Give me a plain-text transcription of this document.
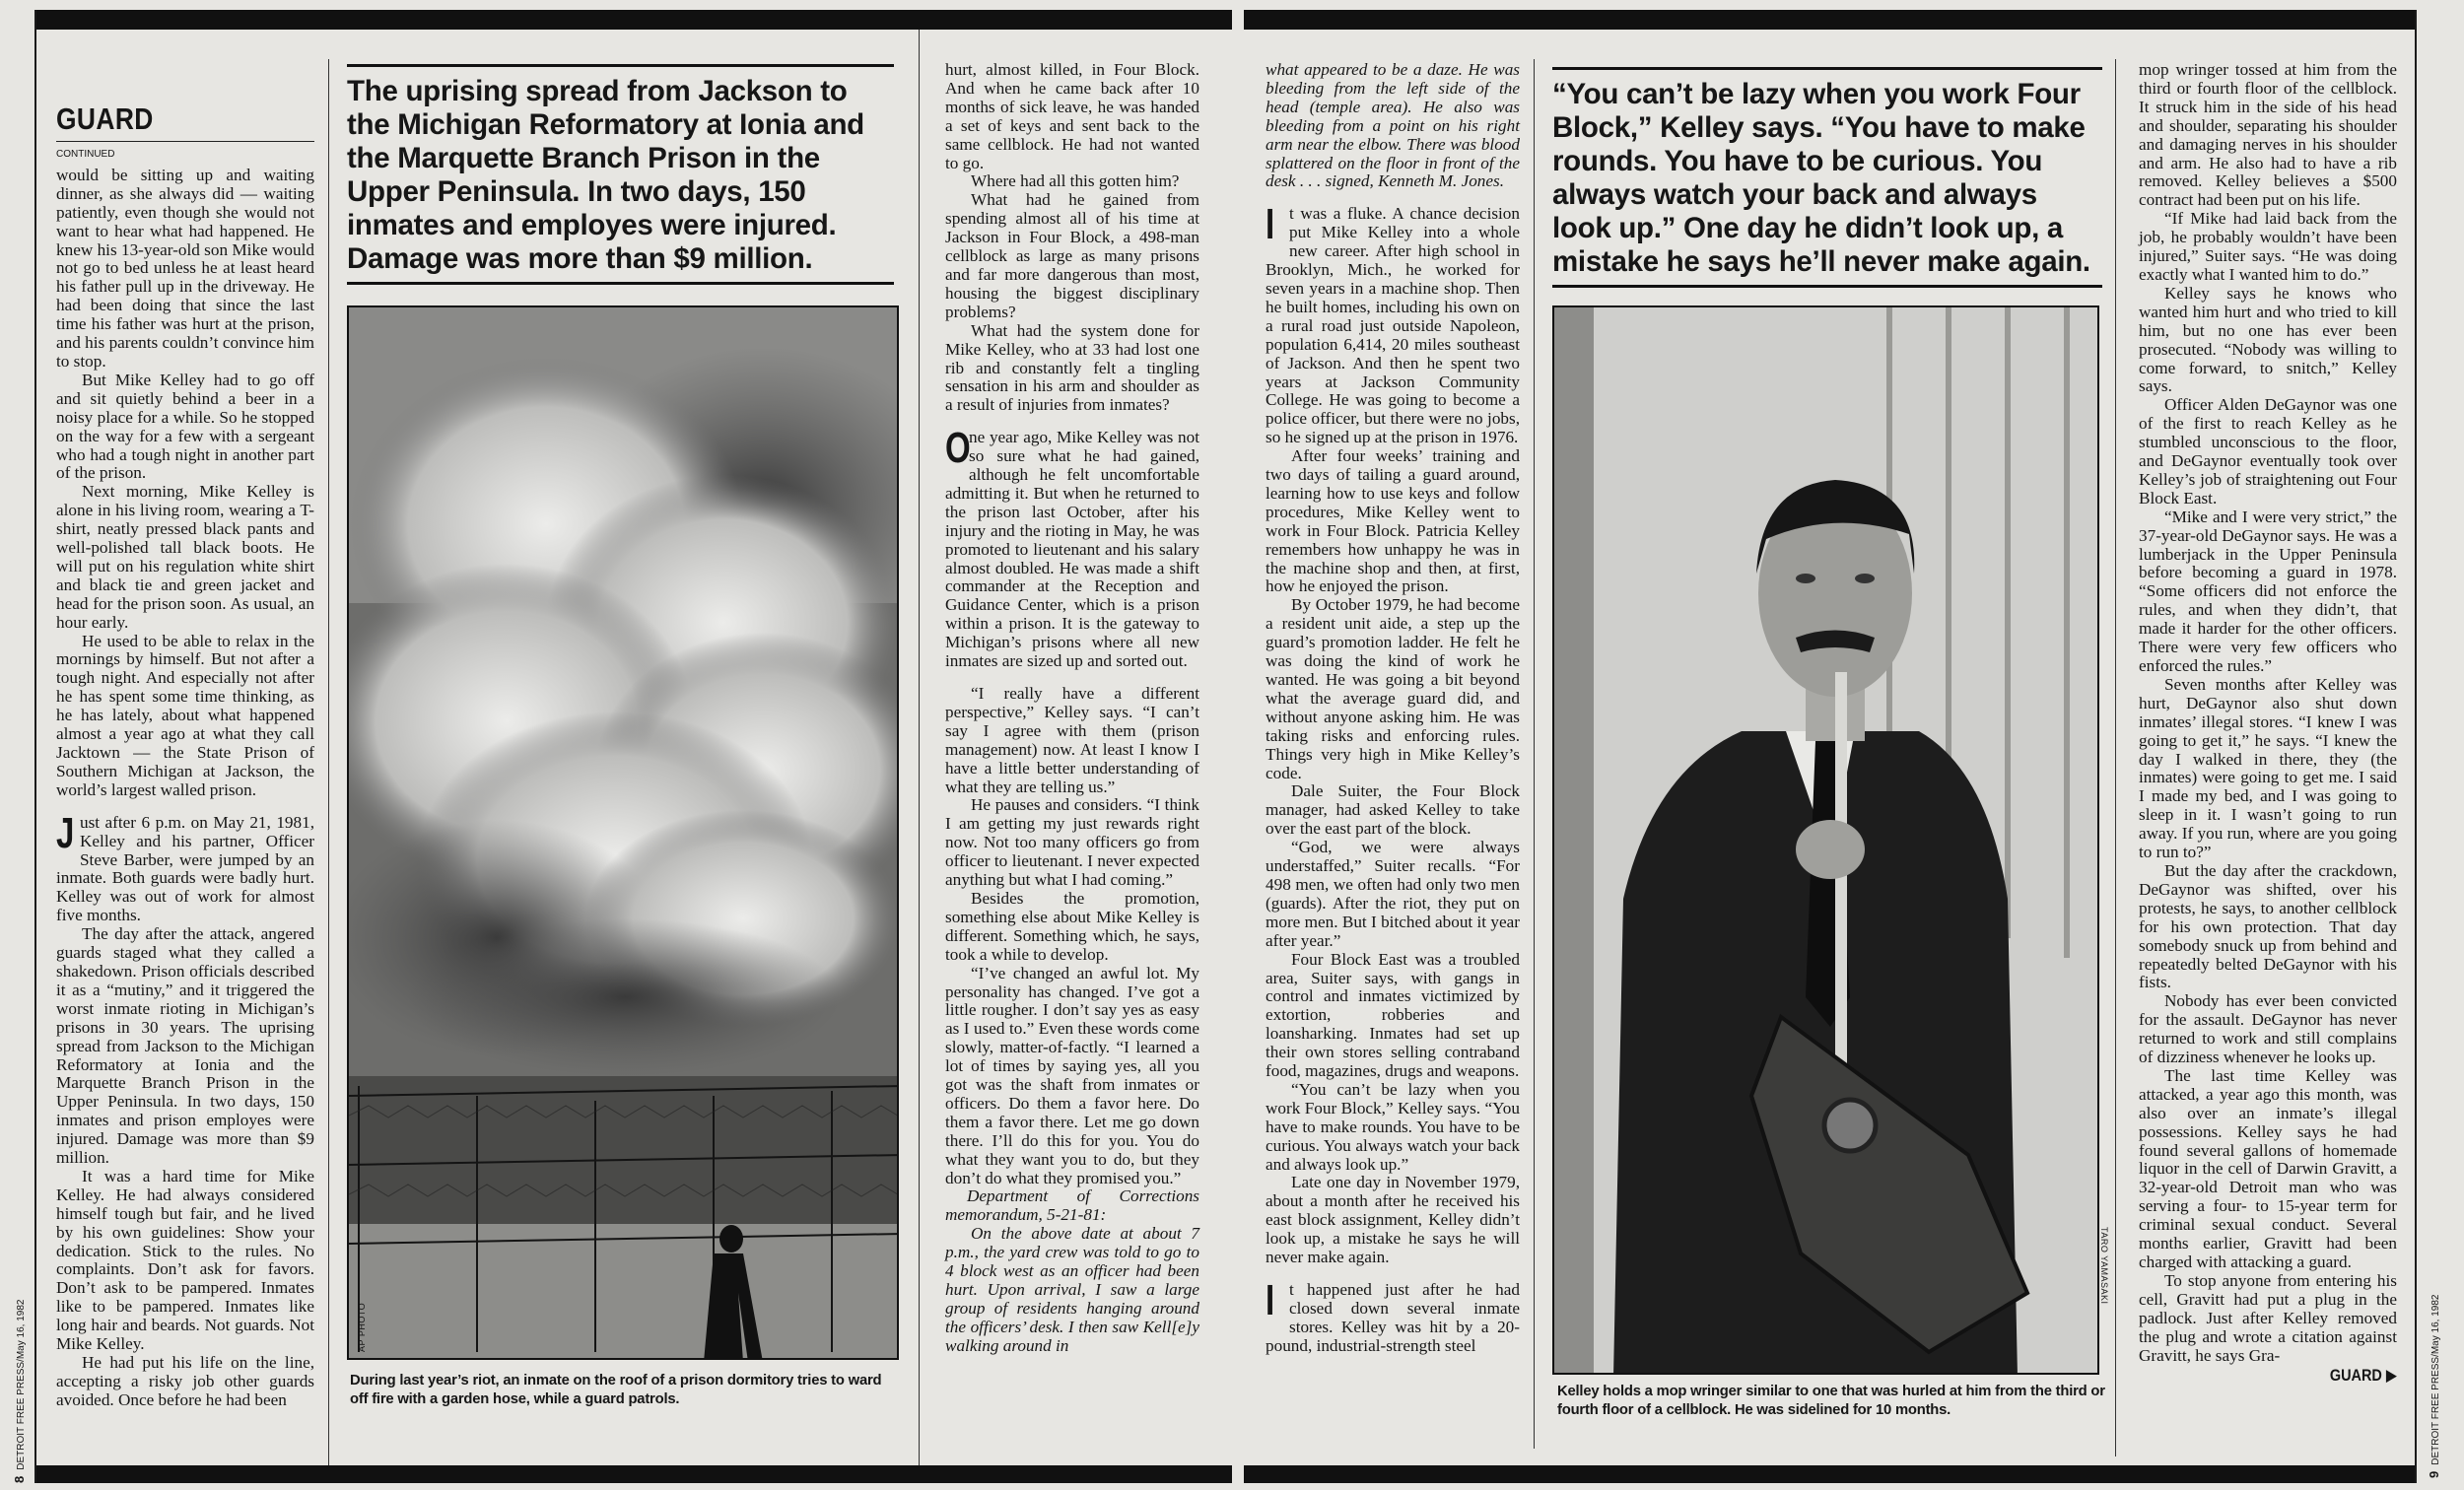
GUARD
CONTINUED

would be sitting up and waiting dinner, as she always did — waiting patiently, even though she would not want to hear what had happened. He knew his 13-year-old son Mike would not go to bed unless he at least heard his father pull up in the driveway. He had been doing that since the last time his father was hurt at the prison, and his parents couldn’t convince him to stop.

But Mike Kelley had to go off and sit quietly behind a beer in a noisy place for a while. So he stopped on the way for a few with a sergeant who had a tough night in another part of the prison.

Next morning, Mike Kelley is alone in his living room, wearing a T-shirt, neatly pressed black pants and well-polished tall black boots. He will put on his regulation white shirt and black tie and green jacket and head for the prison soon. As usual, an hour early.

He used to be able to relax in the mornings by himself. But not after a tough night. And especially not after he has spent some time thinking, as he has lately, about what happened almost a year ago at what they call Jacktown — the State Prison of Southern Michigan at Jackson, the world’s largest walled prison.

Just after 6 p.m. on May 21, 1981, Kelley and his partner, Officer Steve Barber, were jumped by an inmate. Both guards were badly hurt. Kelley was out of work for almost five months.

The day after the attack, angered guards staged what they called a shakedown. Prison officials described it as a “mutiny,” and it triggered the worst inmate rioting in Michigan’s prisons in 30 years. The uprising spread from Jackson to the Michigan Reformatory at Ionia and the Marquette Branch Prison in the Upper Peninsula. In two days, 150 inmates and prison employes were injured. Damage was more than $9 million.

It was a hard time for Mike Kelley. He had always considered himself tough but fair, and he lived by his own guidelines: Show your dedication. Stick to the rules. No complaints. Don’t ask for favors. Don’t ask to be pampered. Inmates like to be pampered. Inmates like long hair and beards. Not guards. Not Mike Kelley.

He had put his life on the line, accepting a risky job other guards avoided. Once before he had been

The uprising spread from Jackson to the Michigan Reformatory at Ionia and the Marquette Branch Prison in the Upper Peninsula. In two days, 150 inmates and employes were injured. Damage was more than $9 million.
AP PHOTO
During last year’s riot, an inmate on the roof of a prison dormitory tries to ward off fire with a garden hose, while a guard patrols.

hurt, almost killed, in Four Block. And when he came back after 10 months of sick leave, he was handed a set of keys and sent back to the same cellblock. He had not wanted to go.

Where had all this gotten him?

What had he gained from spending almost all of his time at Jackson in Four Block, a 498-man cellblock as large as many prisons and far more dangerous than most, housing the biggest disciplinary problems?

What had the system done for Mike Kelley, who at 33 had lost one rib and constantly felt a tingling sensation in his arm and shoulder as a result of injuries from inmates?

O
ne year ago, Mike Kelley was not so sure what he had gained, although he felt uncomfortable admitting it. But when he returned to the prison last October, after his injury and the rioting in May, he was promoted to lieutenant and his salary almost doubled. He was made a shift commander at the Reception and Guidance Center, which is a prison within a prison. It is the gateway to Michigan’s prisons where all new inmates are sized up and sorted out.

“I really have a different perspective,” Kelley says. “I can’t say I agree with them (prison management) now. At least I know I have a little better understanding of what they are telling us.”

He pauses and considers. “I think I am getting my just rewards right now. Not too many officers go from officer to lieutenant. I never expected anything but what I had coming.”

Besides the promotion, something else about Mike Kelley is different. Something which, he says, took a while to develop.

“I’ve changed an awful lot. My personality has changed. I’ve got a little rougher. I don’t say yes as easy as I used to.” Even these words come slowly, matter-of-factly. “I learned a lot of times by saying yes, all you got was the shaft from inmates or officers. Do them a favor here. Do them a favor there. Let me go down there. I’ll do this for you. You do what they want you to do, but they don’t do what they promised you.”

Department of Corrections memorandum, 5-21-81:

On the above date at about 7 p.m., the yard crew was told to go to 4 block west as an officer had been hurt. Upon arrival, I saw a large group of residents hanging around the officers’ desk. I then saw Kell[e]y walking around in

8DETROIT FREE PRESS/May 16, 1982

what appeared to be a daze. He was bleeding from the left side of the head (temple area). He also was bleeding from a point on his right arm near the elbow. There was blood splattered on the floor in front of the desk . . . signed, Kenneth M. Jones.

It was a fluke. A chance decision put Mike Kelley into a whole new career. After high school in Brooklyn, Mich., he worked for seven years in a machine shop. Then he built homes, including his own on a rural road just outside Napoleon, population 6,414, 20 miles southeast of Jackson. And then he spent two years at Jackson Community College. He was going to become a police officer, but there were no jobs, so he signed up at the prison in 1976.

After four weeks’ training and two days of tailing a guard around, learning how to use keys and follow procedures, Mike Kelley went to work in Four Block. Patricia Kelley remembers how unhappy he was in the machine shop and then, at first, how he enjoyed the prison.

By October 1979, he had become a resident unit aide, a step up the guard’s promotion ladder. He felt he was doing the kind of work he wanted. He was going a bit beyond what the average guard did, and without anyone asking him. He was taking risks and enforcing rules. Things very high in Mike Kelley’s code.

Dale Suiter, the Four Block manager, had asked Kelley to take over the east part of the block.

“God, we were always understaffed,” Suiter recalls. “For 498 men, we often had only two men (guards). After the riot, they put on more men. But I bitched about it year after year.”

Four Block East was a troubled area, Suiter says, with gangs in control and inmates victimized by extortion, robberies and loansharking. Inmates had set up their own stores selling contraband food, magazines, drugs and weapons.

“You can’t be lazy when you work Four Block,” Kelley says. “You have to make rounds. You have to be curious. You always watch your back and always look up.”

Late one day in November 1979, about a month after he received his east block assignment, Kelley didn’t look up, a mistake he says he will never make again.

It happened just after he had closed down several inmate stores. Kelley was hit by a 20-pound, industrial-strength steel

“You can’t be lazy when you work Four Block,” Kelley says. “You have to make rounds. You have to be curious. You always watch your back and always look up.” One day he didn’t look up, a mistake he says he’ll never make again.
TARO YAMASAKI
Kelley holds a mop wringer similar to one that was hurled at him from the third or fourth floor of a cellblock. He was sidelined for 10 months.

mop wringer tossed at him from the third or fourth floor of the cellblock. It struck him in the side of his head and shoulder, separating his shoulder and damaging nerves in his shoulder and arm. He also had to have a rib removed. Kelley believes a $500 contract had been put on his life.

“If Mike had laid back from the job, he probably wouldn’t have been injured,” Suiter says. “He was doing exactly what I wanted him to do.”

Kelley says he knows who wanted him hurt and who tried to kill him, but no one has ever been prosecuted. “Nobody was willing to come forward, to snitch,” Kelley says.

Officer Alden DeGaynor was one of the first to reach Kelley as he stumbled unconscious to the floor, and DeGaynor eventually took over Kelley’s job of straightening out Four Block East.

“Mike and I were very strict,” the 37-year-old DeGaynor says. He was a lumberjack in the Upper Peninsula before becoming a guard in 1978. “Some officers did not enforce the rules, and when they didn’t, that made it harder for the other officers. There were very few officers who enforced the rules.”

Seven months after Kelley was hurt, DeGaynor also shut down inmates’ illegal stores. “I knew I was going to get it,” he says. “I knew the day I walked in there, they (the inmates) were going to get me. I said I made my bed, and I was going to sleep in it. I wasn’t going to run away. If you run, where are you going to run to?”

But the day after the crackdown, DeGaynor was shifted, over his protests, he says, to another cellblock for his own protection. That day somebody snuck up from behind and repeatedly belted DeGaynor with his fists.

Nobody has ever been convicted for the assault. DeGaynor has never returned to work and still complains of dizziness whenever he looks up.

The last time Kelley was attacked, a year ago this month, was also over an inmate’s illegal possessions. Kelley says he had found several gallons of homemade liquor in the cell of Darwin Gravitt, a 32-year-old Detroit man who was serving a four- to 15-year term for criminal sexual conduct. Several months earlier, Gravitt had been charged with attacking a guard.

To stop anyone from entering his cell, Gravitt had put a plug in the padlock. Just after Kelley removed the plug and wrote a citation against Gravitt, he says Gra-

GUARD ▶
9DETROIT FREE PRESS/May 16, 1982
